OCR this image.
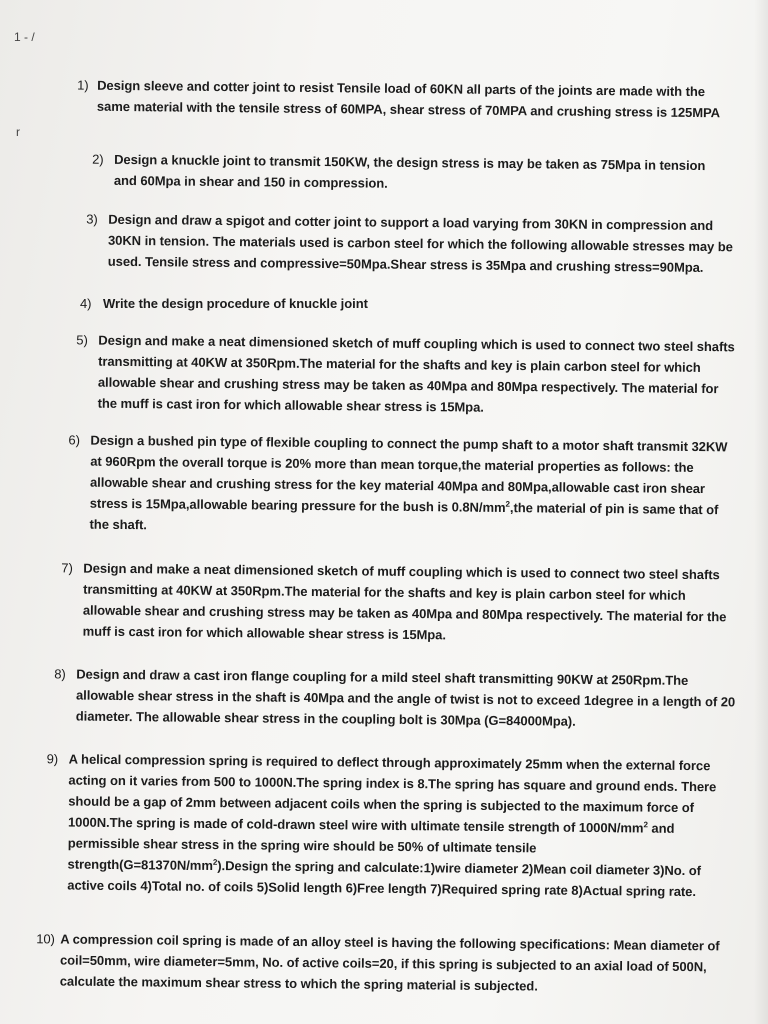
1 - /
r
1) Design sleeve and cotter joint to resist Tensile load of 60KN all parts of the joints are made with the same material with the tensile stress of 60MPA, shear stress of 70MPA and crushing stress is 125MPA
2) Design a knuckle joint to transmit 150KW, the design stress is may be taken as 75Mpa in tension and 60Mpa in shear and 150 in compression.
3) Design and draw a spigot and cotter joint to support a load varying from 30KN in compression and 30KN in tension. The materials used is carbon steel for which the following allowable stresses may be used. Tensile stress and compressive=50Mpa.Shear stress is 35Mpa and crushing stress=90Mpa.
4) Write the design procedure of knuckle joint
5) Design and make a neat dimensioned sketch of muff coupling which is used to connect two steel shafts transmitting at 40KW at 350Rpm.The material for the shafts and key is plain carbon steel for which allowable shear and crushing stress may be taken as 40Mpa and 80Mpa respectively. The material for the muff is cast iron for which allowable shear stress is 15Mpa.
6) Design a bushed pin type of flexible coupling to connect the pump shaft to a motor shaft transmit 32KW at 960Rpm the overall torque is 20% more than mean torque,the material properties as follows: the allowable shear and crushing stress for the key material 40Mpa and 80Mpa,allowable cast iron shear stress is 15Mpa,allowable bearing pressure for the bush is $0.8N/mm^2,the$ material of pin is same that of the shaft.
7) Design and make a neat dimensioned sketch of muff coupling which is used to connect two steel shafts transmitting at 40KW at 350Rpm.The material for the shafts and key is plain carbon steel for which allowable shear and crushing stress may be taken as 40Mpa and 80Mpa respectively. The material for the muff is cast iron for which allowable shear stress is 15Mpa.
8) Design and draw a cast iron flange coupling for a mild steel shaft transmitting 90KW at 250Rpm.The allowable shear stress in the shaft is 40Mpa and the angle of twist is not to exceed 1degree in a length of 20 diameter. The allowable shear stress in the coupling bolt is 30Mpa (G=84000Mpa).
9) A helical compression spring is required to deflect through approximately 25mm when the external force acting on it varies from 500 to 1000N.The spring index is 8.The spring has square and ground ends. There should be a gap of 2mm between adjacent coils when the spring is subjected to the maximum force of 1000N.The spring is made of cold-drawn steel wire with ultimate tensile strength of $1000N/mm^2$ and permissible shear stress in the spring wire should be 50% of ultimate tensile $strength(G=81370N/mm^2).Design$ the spring and calculate:1)wire diameter 2)Mean coil diameter 3)No. of active coils 4)Total no. of coils 5)Solid length 6)Free length 7)Required spring rate 8)Actual spring rate.
10) A compression coil spring is made of an alloy steel is having the following specifications: Mean diameter of coil=50mm, wire diameter=5mm, No. of active coils=20, if this spring is subjected to an axial load of 500N, calculate the maximum shear stress to which the spring material is subjected.
